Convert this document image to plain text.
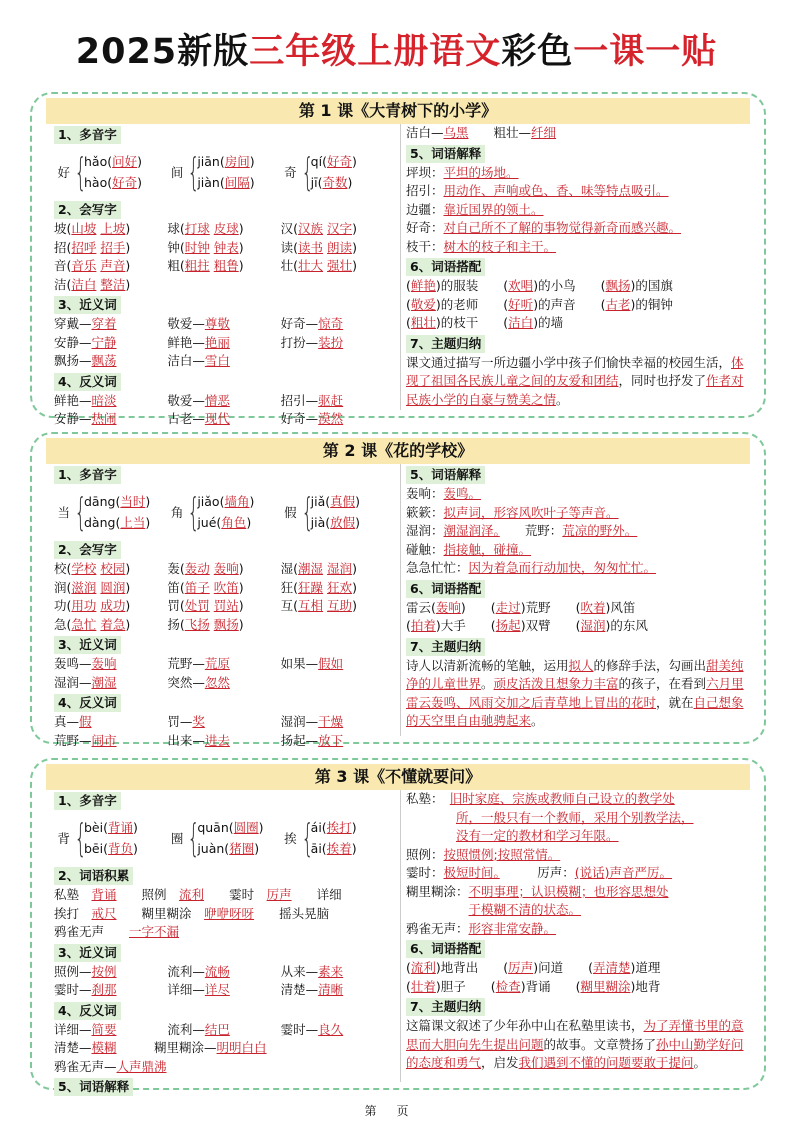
2025新版三年级上册语文彩色一课一贴
第 1 课《大青树下的小学》
1、多音字
好 {
hǎo(问好)
hào(好奇)
间 {
jiān(房间)
jiàn(间隔)
奇 {
qí(好奇)
jī(奇数)
2、会写字
坡(山坡 上坡)	球(打球 皮球)	汉(汉族 汉字)
招(招呼 招手)	钟(时钟 钟表)	读(读书 朗读)
音(音乐 声音)	粗(粗拄 粗鲁)	壮(壮大 强壮)
洁(洁白 整洁)
3、近义词
穿戴—穿着	敬爱—尊敬	好奇—惊奇
安静—宁静	鲜艳—艳丽	打扮—装扮
飘扬—飘荡	洁白—雪白
4、反义词
鲜艳—暗淡	敬爱—憎恶	招引—驱赶
安静—热闹	古老—现代	好奇—漠然
洁白—乌黑　　粗壮—纤细
5、词语解释
坪坝：平坦的场地。
招引：用动作、声响或色、香、味等特点吸引。
边疆：靠近国界的领土。
好奇：对自己所不了解的事物觉得新奇而感兴趣。
枝干：树木的枝子和主干。
6、词语搭配
(鲜艳)的服装　　(欢唱)的小鸟　　(飘扬)的国旗
(敬爱)的老师　　(好听)的声音　　(古老)的铜钟
(粗壮)的枝干　　(洁白)的墙
7、主题归纳
课文通过描写一所边疆小学中孩子们愉快幸福的校园生活，体现了祖国各民族儿童之间的友爱和团结，同时也抒发了作者对民族小学的自豪与赞美之情。
第 2 课《花的学校》
1、多音字
当 {
dāng(当时)
dàng(上当)
角 {
jiǎo(墙角)
jué(角色)
假 {
jiǎ(真假)
jià(放假)
2、会写字
校(学校 校园)	轰(轰动 轰响)	湿(潮湿 湿润)
润(滋润 圆润)	笛(笛子 吹笛)	狂(狂躁 狂欢)
功(用功 成功)	罚(处罚 罚站)	互(互相 互助)
急(急忙 着急)	扬(飞扬 飘扬)
3、近义词
轰鸣—轰响	荒野—荒原	如果—假如
湿润—潮湿	突然—忽然
4、反义词
真—假	罚—奖	湿润—干燥
荒野—闹市	出来—进去	扬起—放下
5、词语解释
轰响：轰鸣。
簌簌：拟声词，形容风吹叶子等声音。
湿润：潮湿润泽。　　荒野：荒凉的野外。
碰触：指接触，碰撞。
急急忙忙：因为着急而行动加快，匆匆忙忙。
6、词语搭配
雷云(轰响)　　(走过)荒野　　(吹着)风笛
(拍着)大手　　(扬起)双臂　　(湿润)的东风
7、主题归纳
诗人以清新流畅的笔触，运用拟人的修辞手法，勾画出甜美纯净的儿童世界。顽皮活泼且想象力丰富的孩子，在看到六月里雷云轰鸣、风雨交加之后青草地上冒出的花时，就在自己想象的天空里自由驰骋起来。
第 3 课《不懂就要问》
1、多音字
背 {
bèi(背诵)
bēi(背负)
圈 {
quān(圆圈)
juàn(猪圈)
挨 {
ái(挨打)
āi(挨着)
2、词语积累
私塾　背诵　　照例　流利　　霎时　厉声　　详细
挨打　戒尺　　糊里糊涂　咿咿呀呀　　摇头晃脑
鸦雀无声　　一字不漏
3、近义词
照例—按例	流利—流畅	从来—素来
霎时—刹那	详细—详尽	清楚—清晰
4、反义词
详细—简要	流利—结巴	霎时—良久
清楚—模糊　　　糊里糊涂—明明白白
鸦雀无声—人声鼎沸
5、词语解释
私塾：　旧时家庭、宗族或教师自己设立的教学处
　　　　所，一般只有一个教师，采用个别教学法，
　　　　没有一定的教材和学习年限。
照例：按照惯例;按照常情。
霎时：极短时间。　　　厉声：(说话)声音严厉。
糊里糊涂：不明事理；认识模糊；也形容思想处
　　　　　于模糊不清的状态。
鸦雀无声：形容非常安静。
6、词语搭配
(流利)地背出　　(厉声)问道　　(弄清楚)道理
(壮着)胆子　　(检查)背诵　　(糊里糊涂)地背
7、主题归纳
这篇课文叙述了少年孙中山在私塾里读书，为了弄懂书里的意思而大胆向先生提出问题的故事。文章赞扬了孙中山勤学好问的态度和勇气，启发我们遇到不懂的问题要敢于提问。
第页
